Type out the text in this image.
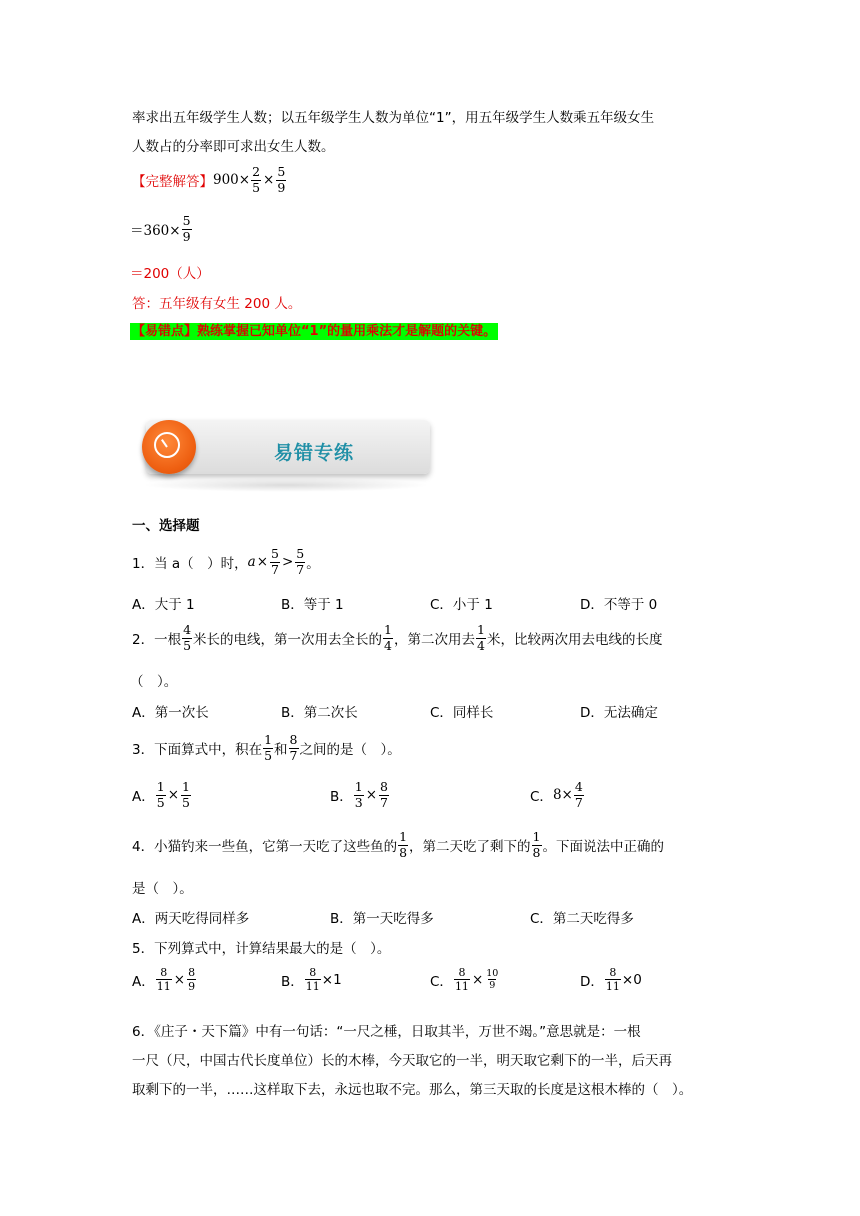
率求出五年级学生人数；以五年级学生人数为单位“1”，用五年级学生人数乘五年级女生
人数占的分率即可求出女生人数。
【完整解答】 $900\times \frac{2}{5} \times \frac{5}{9}$
$=360\times \frac{5}{9}$
＝200（人）
答：五年级有女生 200 人。
【易错点】熟练掌握已知单位“1”的量用乘法才是解题的关键。
易错专练
一、选择题
1．当 a（　）时， $a \times \frac{5}{7} > \frac{5}{7}$ 。
A．大于 1	B．等于 1	C．小于 1	D．不等于 0
2．一根 $\frac{4}{5}$ 米长的电线，第一次用去全长的 $\frac{1}{4}$ ，第二次用去 $\frac{1}{4}$ 米，比较两次用去电线的长度
（　）。
A．第一次长	B．第二次长	C．同样长	D．无法确定
3．下面算式中，积在 $\frac{1}{5}$ 和 $\frac{8}{7}$ 之间的是（　）。
A． $\frac{1}{5} \times \frac{1}{5}$	B． $\frac{1}{3} \times \frac{8}{7}$	C． $8\times \frac{4}{7}$
4．小猫钓来一些鱼，它第一天吃了这些鱼的 $\frac{1}{8}$ ，第二天吃了剩下的 $\frac{1}{8}$ 。下面说法中正确的
是（　）。
A．两天吃得同样多	B．第一天吃得多	C．第二天吃得多
5．下列算式中，计算结果最大的是（　）。
A． $\frac{8}{11} \times \frac{8}{9}$	B． $\frac{8}{11} \times 1$	C． $\frac{8}{11} \times \frac{10}{9}$	D． $\frac{8}{11} \times 0$
6．《庄子・天下篇》中有一句话：“一尺之棰，日取其半，万世不竭。”意思就是：一根
一尺（尺，中国古代长度单位）长的木棒，今天取它的一半，明天取它剩下的一半，后天再
取剩下的一半，……这样取下去，永远也取不完。那么，第三天取的长度是这根木棒的（　）。
